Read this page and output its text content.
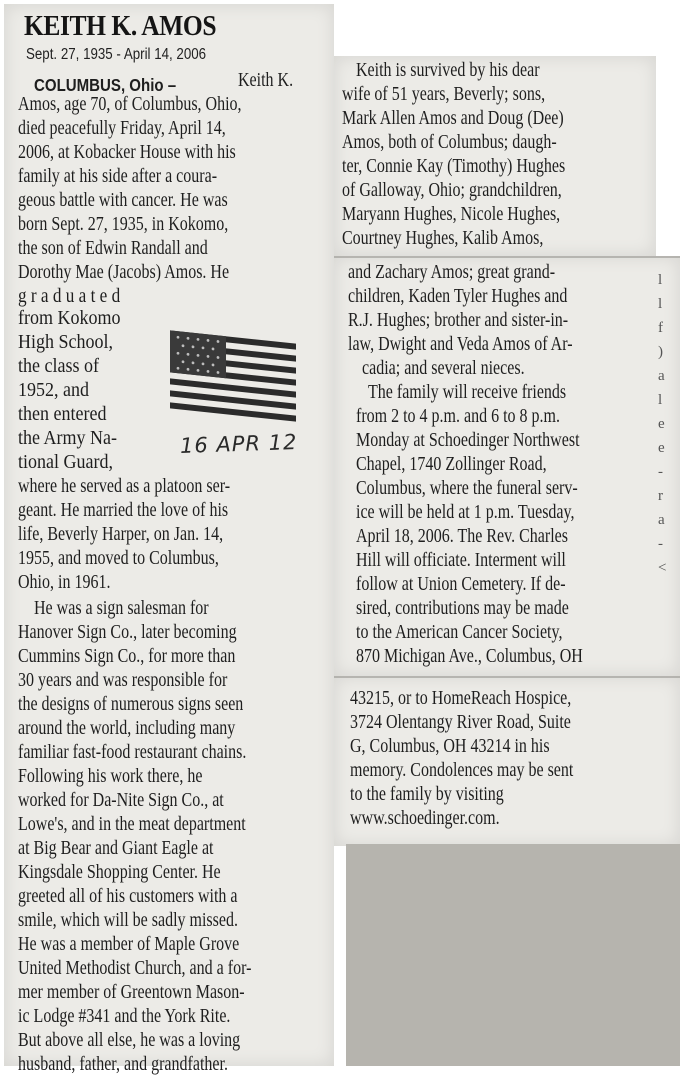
KEITH K. AMOS
Sept. 27, 1935 - April 14, 2006
16 APR 12
COLUMBUS, Ohio –	Keith K.
Amos, age 70, of Columbus, Ohio,
died peacefully Friday, April 14,
2006, at Kobacker House with his
family at his side after a coura-
geous battle with cancer. He was
born Sept. 27, 1935, in Kokomo,
the son of Edwin Randall and
Dorothy Mae (Jacobs) Amos. He
g r a d u a t e d
from Kokomo
High School,
the class of
1952, and
then entered
the Army Na-
tional Guard,
where he served as a platoon ser-
geant. He married the love of his
life, Beverly Harper, on Jan. 14,
1955, and moved to Columbus,
Ohio, in 1961.
He was a sign salesman for
Hanover Sign Co., later becoming
Cummins Sign Co., for more than
30 years and was responsible for
the designs of numerous signs seen
around the world, including many
familiar fast-food restaurant chains.
Following his work there, he
worked for Da-Nite Sign Co., at
Lowe's, and in the meat department
at Big Bear and Giant Eagle at
Kingsdale Shopping Center. He
greeted all of his customers with a
smile, which will be sadly missed.
He was a member of Maple Grove
United Methodist Church, and a for-
mer member of Greentown Mason-
ic Lodge #341 and the York Rite.
But above all else, he was a loving
husband, father, and grandfather.
Keith is survived by his dear
wife of 51 years, Beverly; sons,
Mark Allen Amos and Doug (Dee)
Amos, both of Columbus; daugh-
ter, Connie Kay (Timothy) Hughes
of Galloway, Ohio; grandchildren,
Maryann Hughes, Nicole Hughes,
Courtney Hughes, Kalib Amos,
and Zachary Amos; great grand-
children, Kaden Tyler Hughes and
R.J. Hughes; brother and sister-in-
law, Dwight and Veda Amos of Ar-
cadia; and several nieces.
The family will receive friends
from 2 to 4 p.m. and 6 to 8 p.m.
Monday at Schoedinger Northwest
Chapel, 1740 Zollinger Road,
Columbus, where the funeral serv-
ice will be held at 1 p.m. Tuesday,
April 18, 2006. The Rev. Charles
Hill will officiate. Interment will
follow at Union Cemetery. If de-
sired, contributions may be made
to the American Cancer Society,
870 Michigan Ave., Columbus, OH
43215, or to HomeReach Hospice,
3724 Olentangy River Road, Suite
G, Columbus, OH 43214 in his
memory. Condolences may be sent
to the family by visiting
www.schoedinger.com.
l
l
f
)
a
l
e
e
-
r
a
-
<
